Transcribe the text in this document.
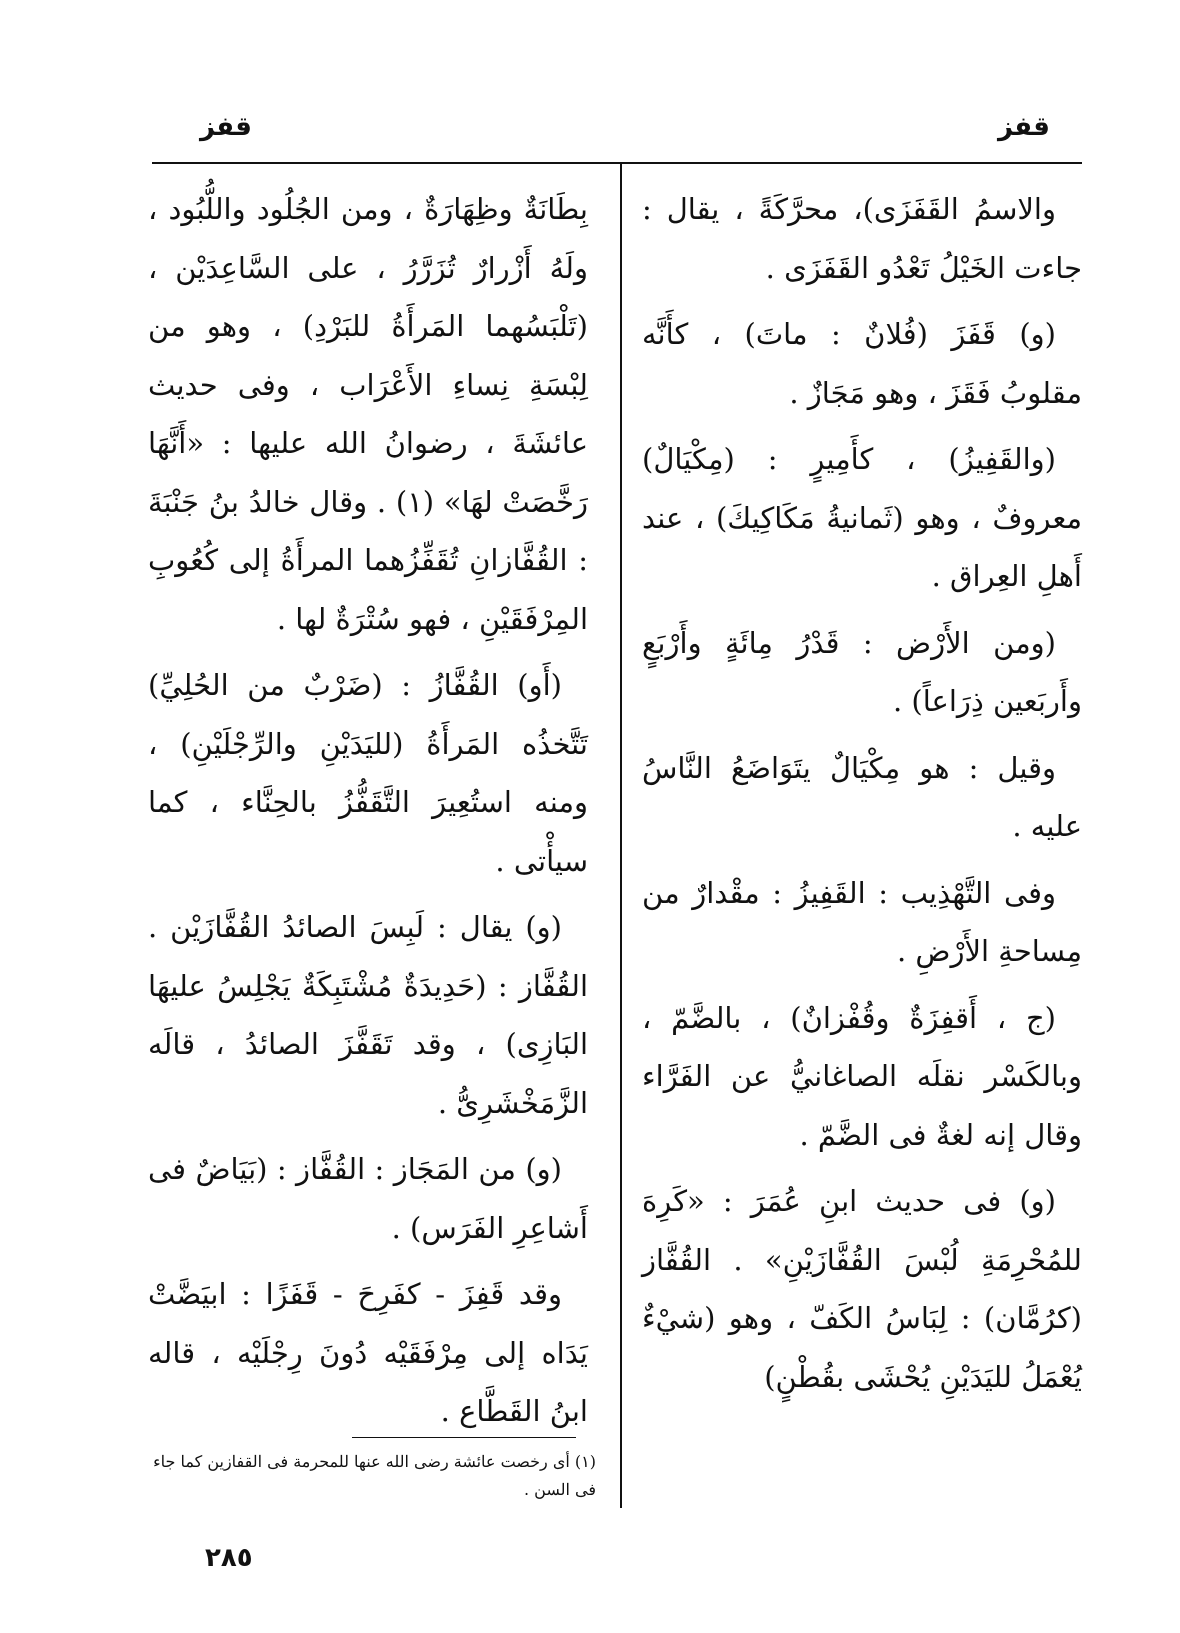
قفز
قفز

والاسمُ القَفَزَى)، محرَّكَةً ، يقال : جاءت الخَيْلُ تَعْدُو القَفَزَى .

(و) قَفَزَ (فُلانٌ : ماتَ) ، كأَنَّه مقلوبُ فَقَزَ ، وهو مَجَازٌ .

(والقَفِيزُ) ، كأَمِيرٍ : (مِكْيَالٌ) معروفٌ ، وهو (ثَمانيةُ مَكَاكِيكَ) ، عند أَهلِ العِراق .

(ومن الأَرْض : قَدْرُ مِائَةٍ وأَرْبَعٍ وأَربَعين ذِرَاعاً) .

وقيل : هو مِكْيَالٌ يتَوَاضَعُ النَّاسُ عليه .

وفى التَّهْذِيب : القَفِيزُ : مقْدارٌ من مِساحةِ الأَرْضِ .

(ج ، أَقفِزَةٌ وقُفْزانٌ) ، بالضَّمّ ، وبالكَسْر نقلَه الصاغانيُّ عن الفَرَّاء وقال إنه لغةٌ فى الضَّمّ .

(و) فى حديث ابنِ عُمَرَ : «كَرِهَ للمُحْرِمَةِ لُبْسَ القُفَّازَيْنِ» . القُفَّاز (كرُمَّان) : لِبَاسُ الكَفّ ، وهو (شيْءٌ يُعْمَلُ لليَدَيْنِ يُحْشَى بقُطْنٍ)

بِطَانَةٌ وظِهَارَةٌ ، ومن الجُلُود واللُّبُود ، ولَهُ أَزْرارٌ تُزَرَّرُ ، على السَّاعِدَيْن ، (تَلْبَسُهما المَرأَةُ للبَرْدِ) ، وهو من لِبْسَةِ نِساءِ الأَعْرَاب ، وفى حديث عائشَةَ ، رضوانُ الله عليها : «أَنَّهَا رَخَّصَتْ لهَا» (١) . وقال خالدُ بنُ جَنْبَةَ : القُفَّازانِ تُقَفِّزُهما المرأَةُ إلى كُعُوبِ المِرْفَقَيْنِ ، فهو سُتْرَةٌ لها .

(أَو) القُفَّازُ : (ضَرْبٌ من الحُلِيِّ) تَتَّخذُه المَرأَةُ (لليَدَيْنِ والرِّجْلَيْنِ) ، ومنه استُعِيرَ التَّقَفُّزُ بالحِنَّاء ، كما سيأْتى .

(و) يقال : لَبِسَ الصائدُ القُفَّازَيْن . القُفَّاز : (حَدِيدَةٌ مُشْتَبِكَةٌ يَجْلِسُ عليهَا البَازِى) ، وقد تَقَفَّزَ الصائدُ ، قالَه الزَّمَخْشَرِىُّ .

(و) من المَجَاز : القُفَّاز : (بَيَاضٌ فى أَشاعِرِ الفَرَس) .

وقد قَفِزَ - كفَرِحَ - قَفَزًا : ابيَضَّتْ يَدَاه إلى مِرْفَقَيْه دُونَ رِجْلَيْه ، قاله ابنُ القَطَّاع .

(١) أى رخصت عائشة رضى الله عنها للمحرمة فى القفازين كما جاء فى السن .
٢٨٥
